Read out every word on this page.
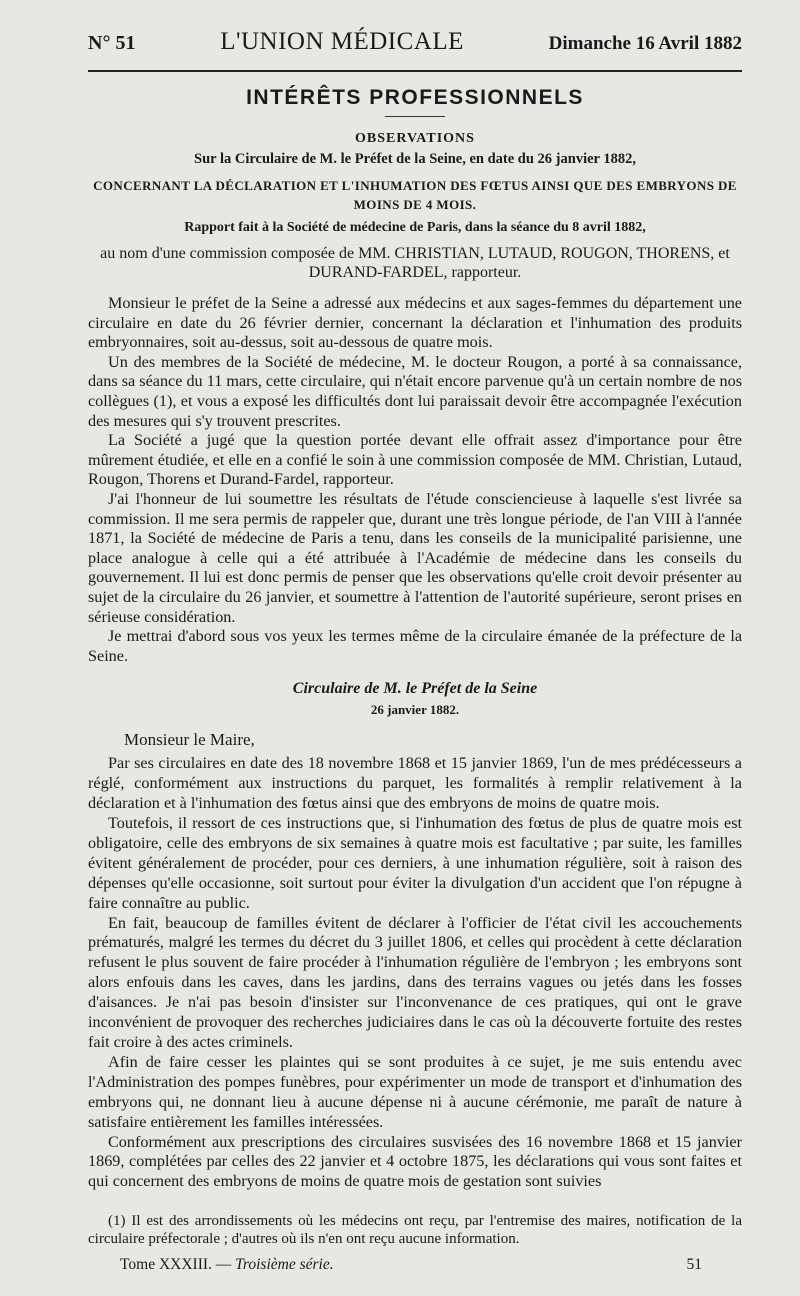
N° 51	L'UNION MÉDICALE	Dimanche 16 Avril 1882
INTÉRÊTS PROFESSIONNELS
OBSERVATIONS
Sur la Circulaire de M. le Préfet de la Seine, en date du 26 janvier 1882,
CONCERNANT LA DÉCLARATION ET L'INHUMATION DES FŒTUS AINSI QUE DES EMBRYONS DE MOINS DE 4 MOIS.
Rapport fait à la Société de médecine de Paris, dans la séance du 8 avril 1882,
au nom d'une commission composée de MM. CHRISTIAN, LUTAUD, ROUGON, THORENS, et DURAND-FARDEL, rapporteur.

Monsieur le préfet de la Seine a adressé aux médecins et aux sages-femmes du département une circulaire en date du 26 février dernier, concernant la déclaration et l'inhumation des produits embryonnaires, soit au-dessus, soit au-dessous de quatre mois.

Un des membres de la Société de médecine, M. le docteur Rougon, a porté à sa connaissance, dans sa séance du 11 mars, cette circulaire, qui n'était encore parvenue qu'à un certain nombre de nos collègues (1), et vous a exposé les difficultés dont lui paraissait devoir être accompagnée l'exécution des mesures qui s'y trouvent prescrites.

La Société a jugé que la question portée devant elle offrait assez d'importance pour être mûrement étudiée, et elle en a confié le soin à une commission composée de MM. Christian, Lutaud, Rougon, Thorens et Durand-Fardel, rapporteur.

J'ai l'honneur de lui soumettre les résultats de l'étude consciencieuse à laquelle s'est livrée sa commission. Il me sera permis de rappeler que, durant une très longue période, de l'an VIII à l'année 1871, la Société de médecine de Paris a tenu, dans les conseils de la municipalité parisienne, une place analogue à celle qui a été attribuée à l'Académie de médecine dans les conseils du gouvernement. Il lui est donc permis de penser que les observations qu'elle croit devoir présenter au sujet de la circulaire du 26 janvier, et soumettre à l'attention de l'autorité supérieure, seront prises en sérieuse considération.

Je mettrai d'abord sous vos yeux les termes même de la circulaire émanée de la préfecture de la Seine.

Circulaire de M. le Préfet de la Seine
26 janvier 1882.
Monsieur le Maire,

Par ses circulaires en date des 18 novembre 1868 et 15 janvier 1869, l'un de mes prédécesseurs a réglé, conformément aux instructions du parquet, les formalités à remplir relativement à la déclaration et à l'inhumation des fœtus ainsi que des embryons de moins de quatre mois.

Toutefois, il ressort de ces instructions que, si l'inhumation des fœtus de plus de quatre mois est obligatoire, celle des embryons de six semaines à quatre mois est facultative ; par suite, les familles évitent généralement de procéder, pour ces derniers, à une inhumation régulière, soit à raison des dépenses qu'elle occasionne, soit surtout pour éviter la divulgation d'un accident que l'on répugne à faire connaître au public.

En fait, beaucoup de familles évitent de déclarer à l'officier de l'état civil les accouchements prématurés, malgré les termes du décret du 3 juillet 1806, et celles qui procèdent à cette déclaration refusent le plus souvent de faire procéder à l'inhumation régulière de l'embryon ; les embryons sont alors enfouis dans les caves, dans les jardins, dans des terrains vagues ou jetés dans les fosses d'aisances. Je n'ai pas besoin d'insister sur l'inconvenance de ces pratiques, qui ont le grave inconvénient de provoquer des recherches judiciaires dans le cas où la découverte fortuite des restes fait croire à des actes criminels.

Afin de faire cesser les plaintes qui se sont produites à ce sujet, je me suis entendu avec l'Administration des pompes funèbres, pour expérimenter un mode de transport et d'inhumation des embryons qui, ne donnant lieu à aucune dépense ni à aucune cérémonie, me paraît de nature à satisfaire entièrement les familles intéressées.

Conformément aux prescriptions des circulaires susvisées des 16 novembre 1868 et 15 janvier 1869, complétées par celles des 22 janvier et 4 octobre 1875, les déclarations qui vous sont faites et qui concernent des embryons de moins de quatre mois de gestation sont suivies

(1) Il est des arrondissements où les médecins ont reçu, par l'entremise des maires, notification de la circulaire préfectorale ; d'autres où ils n'en ont reçu aucune information.
Tome XXXIII. — Troisième série.	51
